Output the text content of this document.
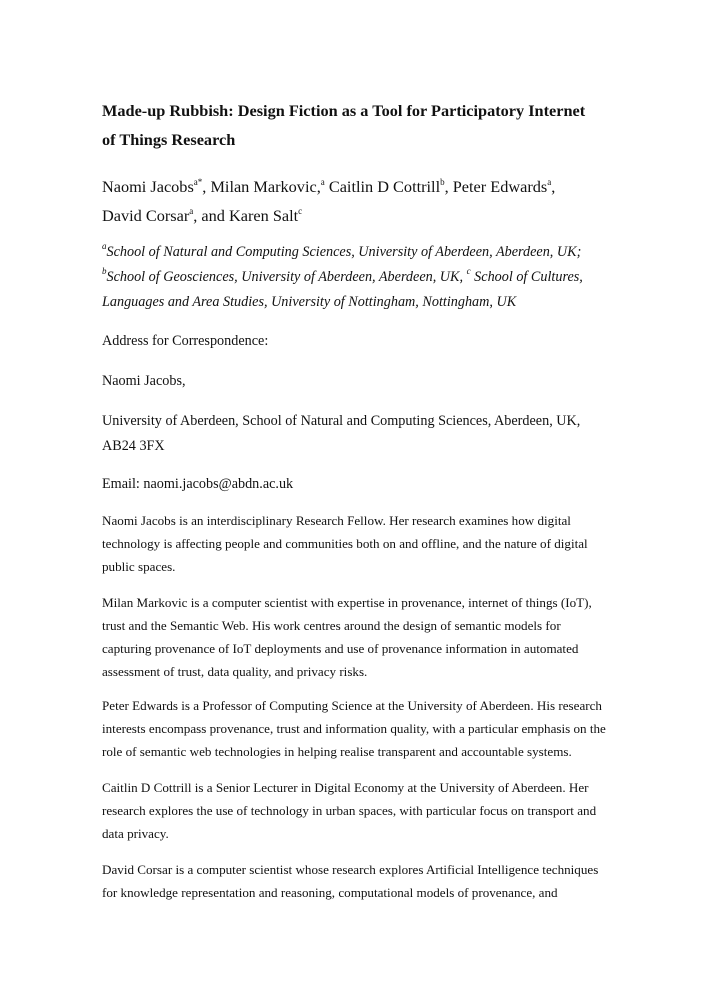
Made-up Rubbish: Design Fiction as a Tool for Participatory Internet
of Things Research

Naomi Jacobs$^{a*}$, Milan Markovic,$^a$ Caitlin D Cottrill$^b$, Peter Edwards$^a$,
David Corsar$^a$, and Karen Salt$^c$

$^a$School of Natural and Computing Sciences, University of Aberdeen, Aberdeen, UK;
$^b$School of Geosciences, University of Aberdeen, Aberdeen, UK, $^c$ School of Cultures,
Languages and Area Studies, University of Nottingham, Nottingham, UK

Address for Correspondence:

Naomi Jacobs,

University of Aberdeen, School of Natural and Computing Sciences, Aberdeen, UK,
AB24 3FX

Email: naomi.jacobs@abdn.ac.uk

Naomi Jacobs is an interdisciplinary Research Fellow. Her research examines how digital
technology is affecting people and communities both on and offline, and the nature of digital
public spaces.

Milan Markovic is a computer scientist with expertise in provenance, internet of things (IoT),
trust and the Semantic Web. His work centres around the design of semantic models for
capturing provenance of IoT deployments and use of provenance information in automated
assessment of trust, data quality, and privacy risks.

Peter Edwards is a Professor of Computing Science at the University of Aberdeen. His research
interests encompass provenance, trust and information quality, with a particular emphasis on the
role of semantic web technologies in helping realise transparent and accountable systems.

Caitlin D Cottrill is a Senior Lecturer in Digital Economy at the University of Aberdeen. Her
research explores the use of technology in urban spaces, with particular focus on transport and
data privacy.

David Corsar is a computer scientist whose research explores Artificial Intelligence techniques
for knowledge representation and reasoning, computational models of provenance, and
